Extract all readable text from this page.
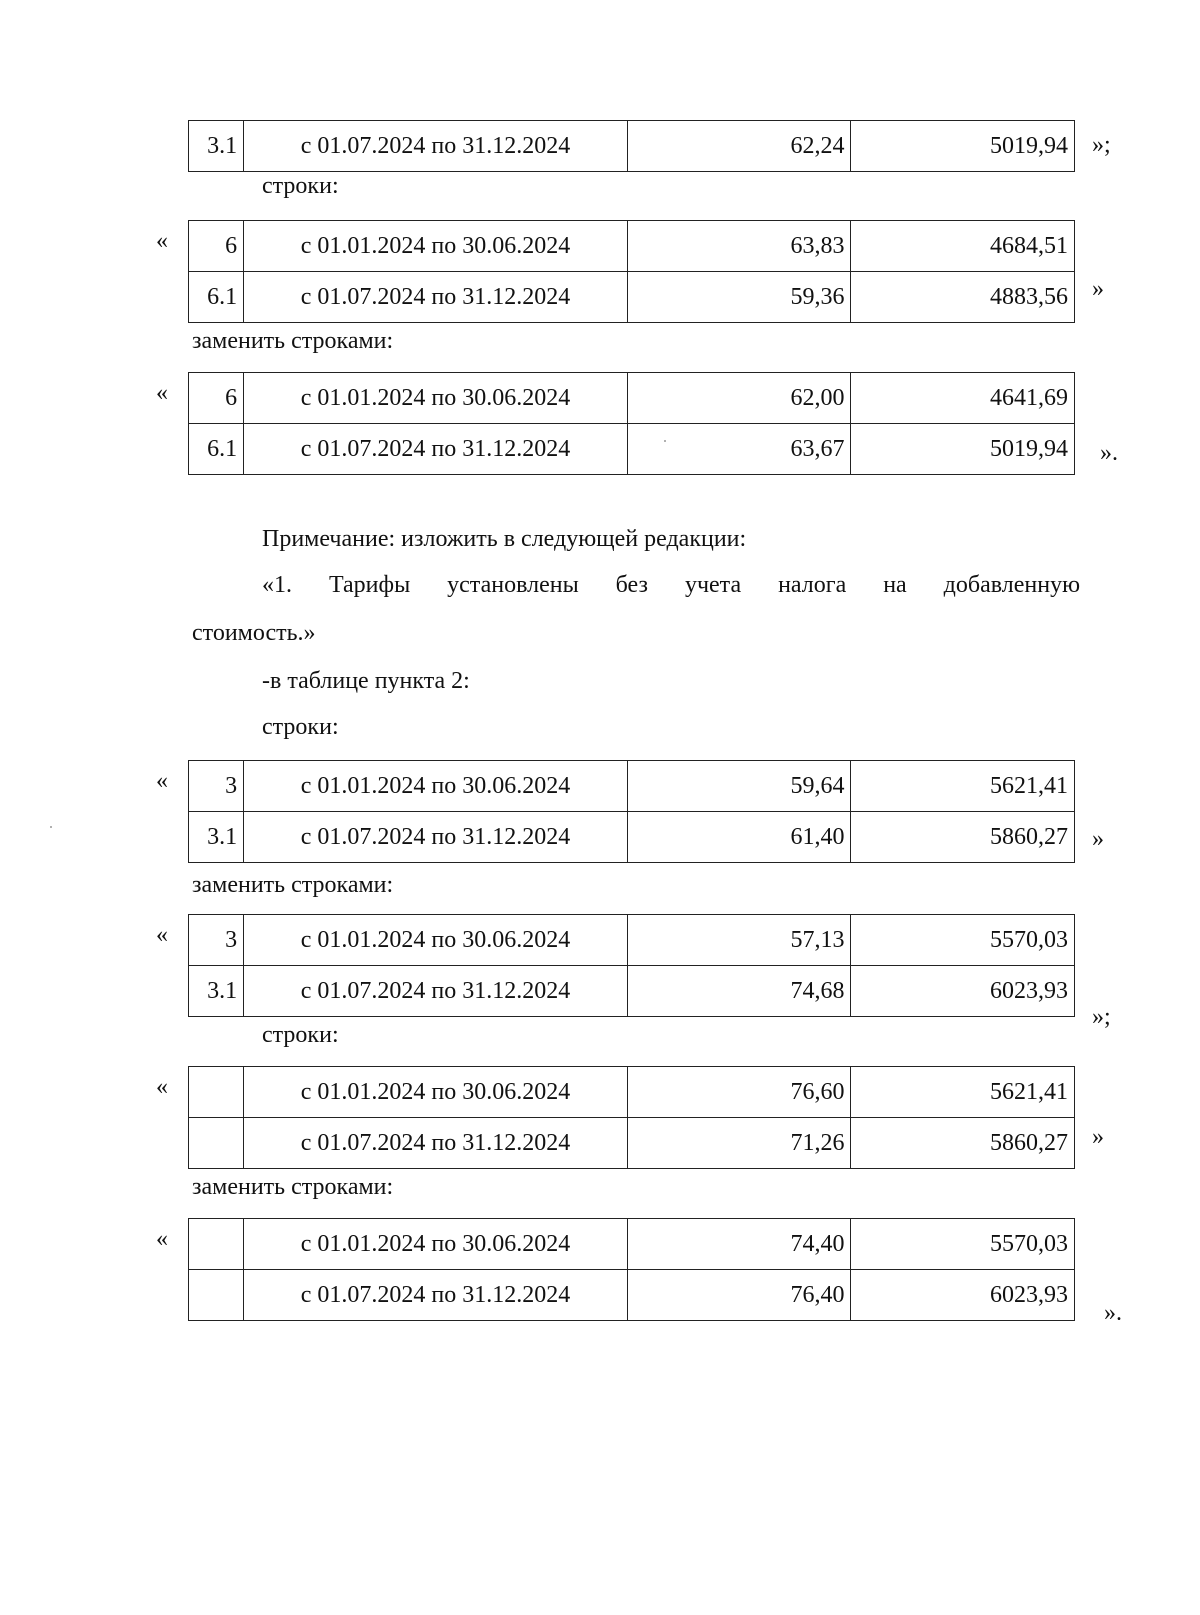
3.1	с 01.07.2024 по 31.12.2024	62,24	5019,94 »;
строки:
« 6	с 01.01.2024 по 30.06.2024	63,83	4684,51
6.1	с 01.07.2024 по 31.12.2024	59,36	4883,56 »
заменить строками:
« 6	с 01.01.2024 по 30.06.2024	62,00	4641,69
6.1	с 01.07.2024 по 31.12.2024	63,67	5019,94 ».
Примечание: изложить в следующей редакции:
«1. Тарифы установлены без учета налога на добавленную
стоимость.»
-в таблице пункта 2:
строки:
« 3	с 01.01.2024 по 30.06.2024	59,64	5621,41
3.1	с 01.07.2024 по 31.12.2024	61,40	5860,27 »
заменить строками:
« 3	с 01.01.2024 по 30.06.2024	57,13	5570,03
3.1	с 01.07.2024 по 31.12.2024	74,68	6023,93
»;
строки:
«
		с 01.01.2024 по 30.06.2024	76,60	5621,41
	с 01.07.2024 по 31.12.2024	71,26	5860,27 »
заменить строками:
«
		с 01.01.2024 по 30.06.2024	74,40	5570,03
	с 01.07.2024 по 31.12.2024	76,40	6023,93
».
